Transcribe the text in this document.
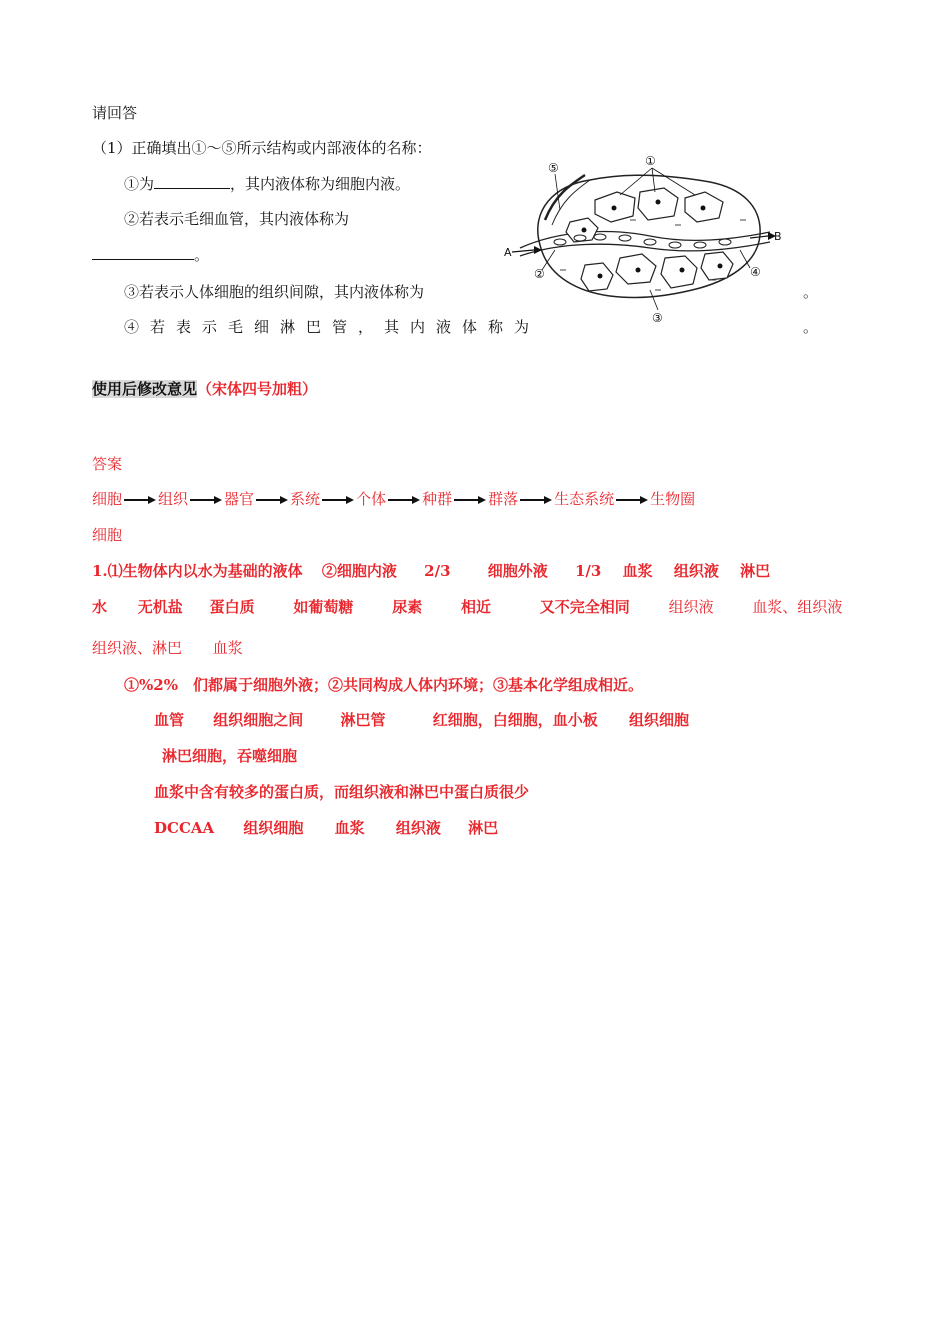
请回答
（1）正确填出①～⑤所示结构或内部液体的名称：
①为	，其内液体称为细胞内液。
②若表示毛细血管，其内液体称为
。
③若表示人体细胞的组织间隙，其内液体称为	。
④若表示毛细淋巴管，其内液体称为	。
A
B
①
②
③
④
⑤
使用后修改意见（宋体四号加粗）
答案
细胞 组织 器官 系统 个体 种群 群落 生态系统 生物圈
细胞
1.⑴生物体内以水为基础的液体 ②细胞内液 2/3 细胞外液 1/3 血浆 组织液 淋巴
水 无机盐 蛋白质	如葡萄糖	尿素	相近	又不完全相同	组织液	血浆、组织液
组织液、淋巴 血浆
①%2%　们都属于细胞外液；②共同构成人体内环境；③基本化学组成相近。
血管 组织细胞之间 淋巴管	红细胞，白细胞，血小板 组织细胞
淋巴细胞，吞噬细胞
血浆中含有较多的蛋白质，而组织液和淋巴中蛋白质很少
DCCAA 组织细胞 血浆 组织液 淋巴
